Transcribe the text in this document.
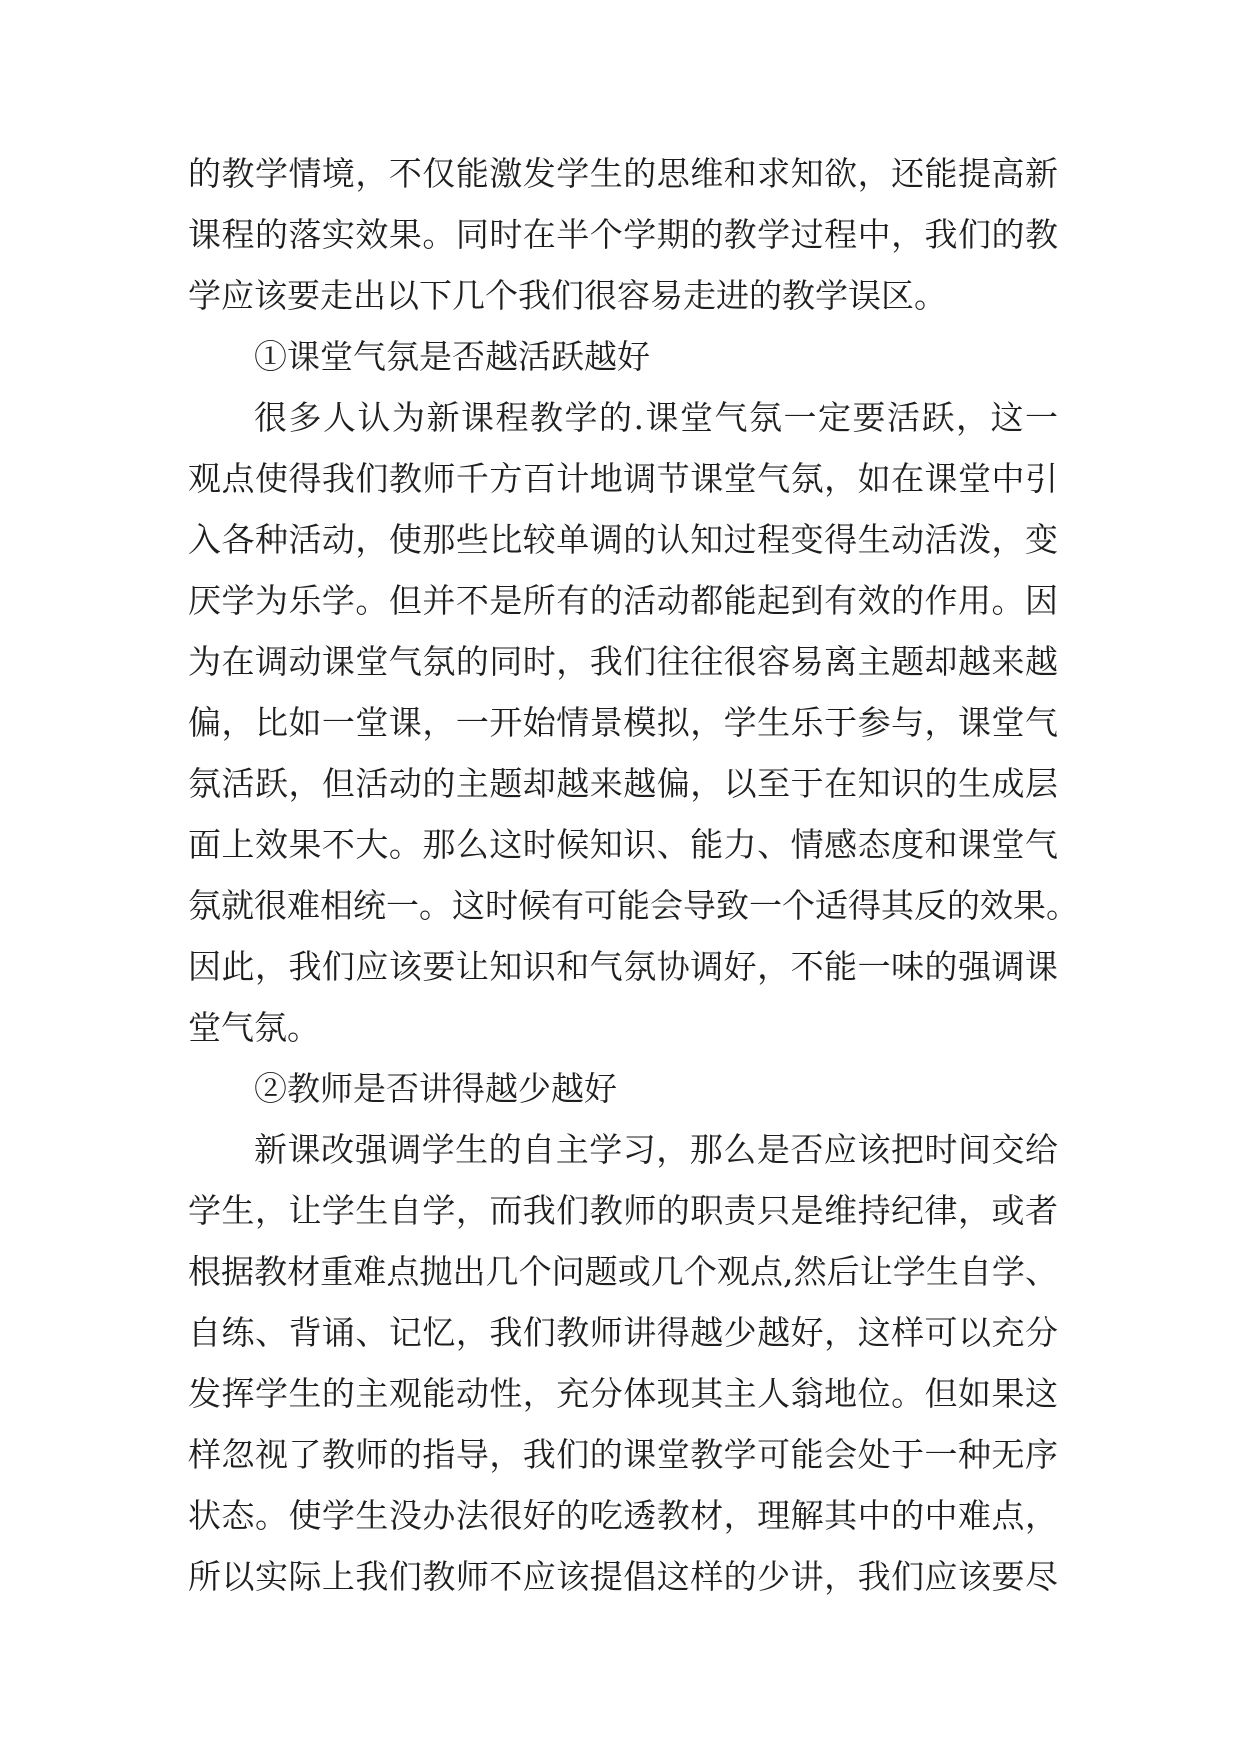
的教学情境，不仅能激发学生的思维和求知欲，还能提高新
课程的落实效果。同时在半个学期的教学过程中，我们的教
学应该要走出以下几个我们很容易走进的教学误区。
①课堂气氛是否越活跃越好
很多人认为新课程教学的.课堂气氛一定要活跃，这一
观点使得我们教师千方百计地调节课堂气氛，如在课堂中引
入各种活动，使那些比较单调的认知过程变得生动活泼，变
厌学为乐学。但并不是所有的活动都能起到有效的作用。因
为在调动课堂气氛的同时，我们往往很容易离主题却越来越
偏，比如一堂课，一开始情景模拟，学生乐于参与，课堂气
氛活跃，但活动的主题却越来越偏，以至于在知识的生成层
面上效果不大。那么这时候知识、能力、情感态度和课堂气
氛就很难相统一。这时候有可能会导致一个适得其反的效果。
因此，我们应该要让知识和气氛协调好，不能一味的强调课
堂气氛。
②教师是否讲得越少越好
新课改强调学生的自主学习，那么是否应该把时间交给
学生，让学生自学，而我们教师的职责只是维持纪律，或者
根据教材重难点抛出几个问题或几个观点,然后让学生自学、
自练、背诵、记忆，我们教师讲得越少越好，这样可以充分
发挥学生的主观能动性，充分体现其主人翁地位。但如果这
样忽视了教师的指导，我们的课堂教学可能会处于一种无序
状态。使学生没办法很好的吃透教材，理解其中的中难点，
所以实际上我们教师不应该提倡这样的少讲，我们应该要尽
